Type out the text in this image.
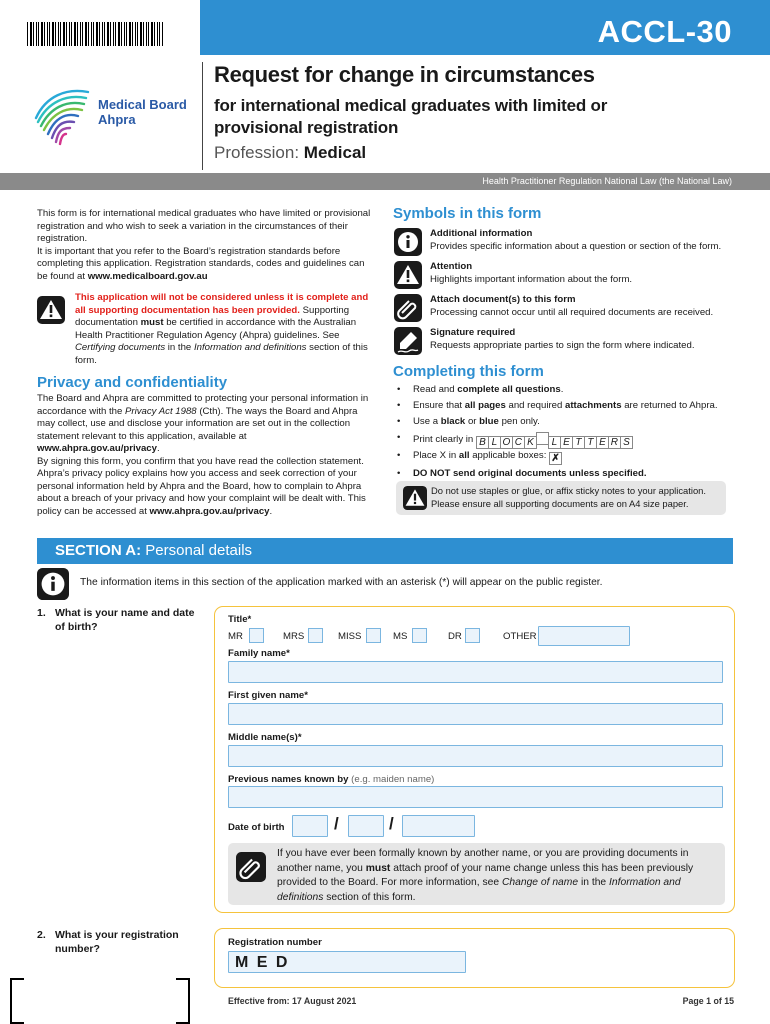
ACCL-30
Medical Board
Ahpra
Request for change in circumstances
for international medical graduates with limited or provisional registration
Profession: Medical
Health Practitioner Regulation National Law (the National Law)

This form is for international medical graduates who have limited or provisional registration and who wish to seek a variation in the circumstances of their registration.

It is important that you refer to the Board’s registration standards before completing this application. Registration standards, codes and guidelines can be found at www.medicalboard.gov.au

This application will not be considered unless it is complete and all supporting documentation has been provided. Supporting documentation must be certified in accordance with the Australian Health Practitioner Regulation Agency (Ahpra) guidelines. See Certifying documents in the Information and definitions section of this form.
Privacy and confidentiality

The Board and Ahpra are committed to protecting your personal information in accordance with the Privacy Act 1988 (Cth). The ways the Board and Ahpra may collect, use and disclose your information are set out in the collection statement relevant to this application, available at
www.ahpra.gov.au/privacy.

By signing this form, you confirm that you have read the collection statement. Ahpra’s privacy policy explains how you access and seek correction of your personal information held by Ahpra and the Board, how to complain to Ahpra about a breach of your privacy and how your complaint will be dealt with. This policy can be accessed at www.ahpra.gov.au/privacy.

Symbols in this form
Additional information
Provides specific information about a question or section of the form.
Attention
Highlights important information about the form.
Attach document(s) to this form
Processing cannot occur until all required documents are received.
Signature required
Requests appropriate parties to sign the form where indicated.
Completing this form
• Read and complete all questions.
• Ensure that all pages and required attachments are returned to Ahpra.
• Use a black or blue pen only.
• Print clearly in B L O C K L E T T E R S
• Place X in all applicable boxes: ✗
• DO NOT send original documents unless specified.
Do not use staples or glue, or affix sticky notes to your application. Please ensure all supporting documents are on A4 size paper.
SECTION A: Personal details
The information items in this section of the application marked with an asterisk (*) will appear on the public register.
1. What is your name and date of birth?
Title*
MR	MRS	MISS	MS	DR	OTHER
Family name*
First given name*
Middle name(s)*
Previous names known by (e.g. maiden name)
Date of birth	/	/
If you have ever been formally known by another name, or you are providing documents in another name, you must attach proof of your name change unless this has been previously provided to the Board. For more information, see Change of name in the Information and definitions section of this form.
2. What is your registration number?
Registration number
M E D
Effective from: 17 August 2021	Page 1 of 15
